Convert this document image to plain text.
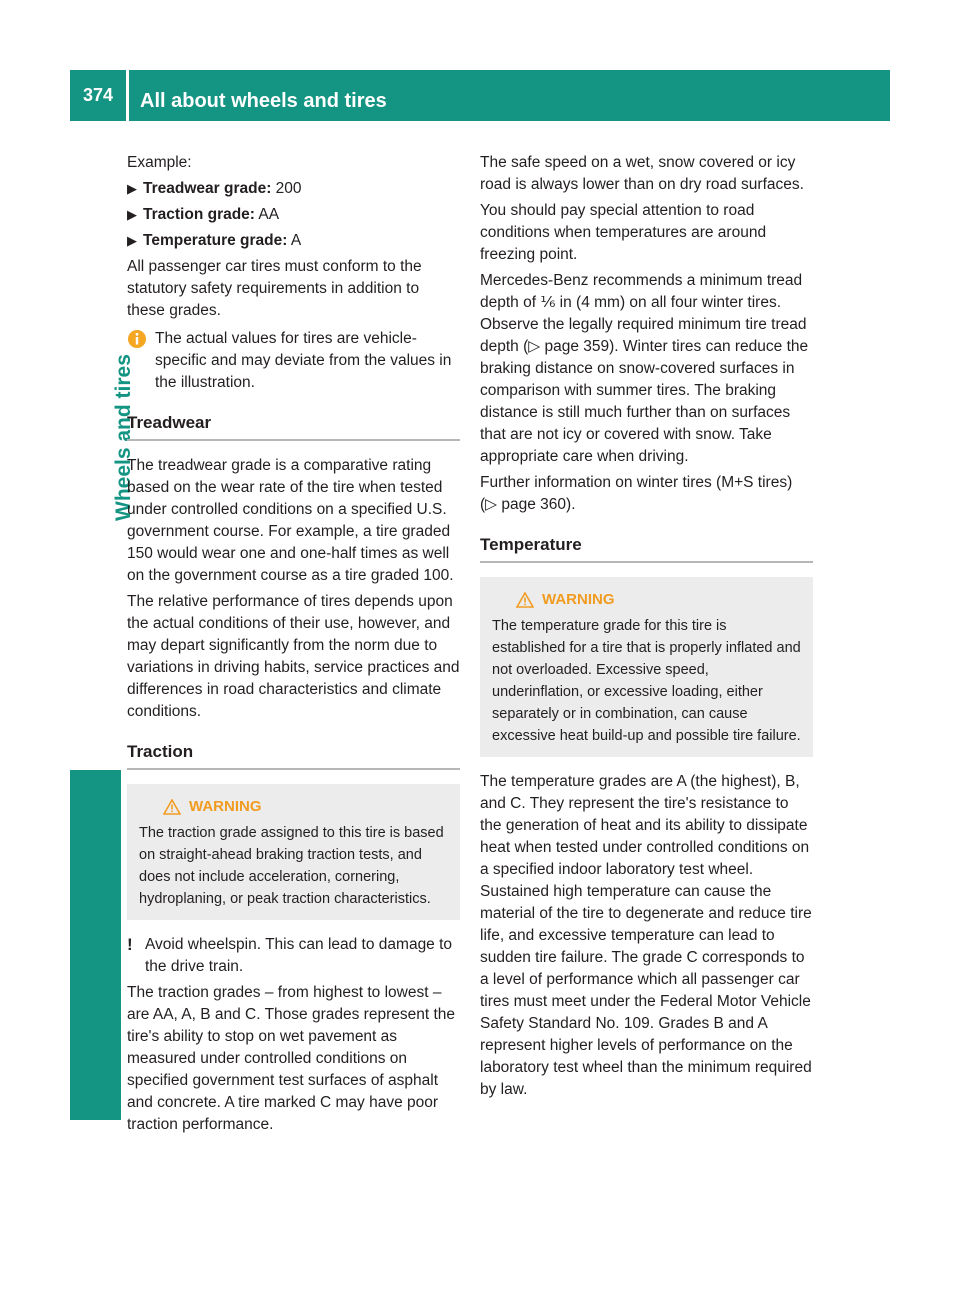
374	All about wheels and tires
Wheels and tires

Example:

▶ Treadwear grade: 200
▶ Traction grade: AA
▶ Temperature grade: A

All passenger car tires must conform to the statutory safety requirements in addition to these grades.

The actual values for tires are vehicle-specific and may deviate from the values in the illustration.
Treadwear

The treadwear grade is a comparative rating based on the wear rate of the tire when tested under controlled conditions on a specified U.S. government course. For example, a tire graded 150 would wear one and one-half times as well on the government course as a tire graded 100.

The relative performance of tires depends upon the actual conditions of their use, however, and may depart significantly from the norm due to variations in driving habits, service practices and differences in road characteristics and climate conditions.

Traction
WARNING
The traction grade assigned to this tire is based on straight-ahead braking traction tests, and does not include acceleration, cornering, hydroplaning, or peak traction characteristics.
! Avoid wheelspin. This can lead to damage to the drive train.

The traction grades – from highest to lowest – are AA, A, B and C. Those grades represent the tire's ability to stop on wet pavement as measured under controlled conditions on specified government test surfaces of asphalt and concrete. A tire marked C may have poor traction performance.

The safe speed on a wet, snow covered or icy road is always lower than on dry road surfaces.

You should pay special attention to road conditions when temperatures are around freezing point.

Mercedes-Benz recommends a minimum tread depth of ⅙ in (4 mm) on all four winter tires. Observe the legally required minimum tire tread depth (▷ page 359). Winter tires can reduce the braking distance on snow-covered surfaces in comparison with summer tires. The braking distance is still much further than on surfaces that are not icy or covered with snow. Take appropriate care when driving.

Further information on winter tires (M+S tires) (▷ page 360).

Temperature
WARNING
The temperature grade for this tire is established for a tire that is properly inflated and not overloaded. Excessive speed, underinflation, or excessive loading, either separately or in combination, can cause excessive heat build-up and possible tire failure.

The temperature grades are A (the highest), B, and C. They represent the tire's resistance to the generation of heat and its ability to dissipate heat when tested under controlled conditions on a specified indoor laboratory test wheel. Sustained high temperature can cause the material of the tire to degenerate and reduce tire life, and excessive temperature can lead to sudden tire failure. The grade C corresponds to a level of performance which all passenger car tires must meet under the Federal Motor Vehicle Safety Standard No. 109. Grades B and A represent higher levels of performance on the laboratory test wheel than the minimum required by law.
